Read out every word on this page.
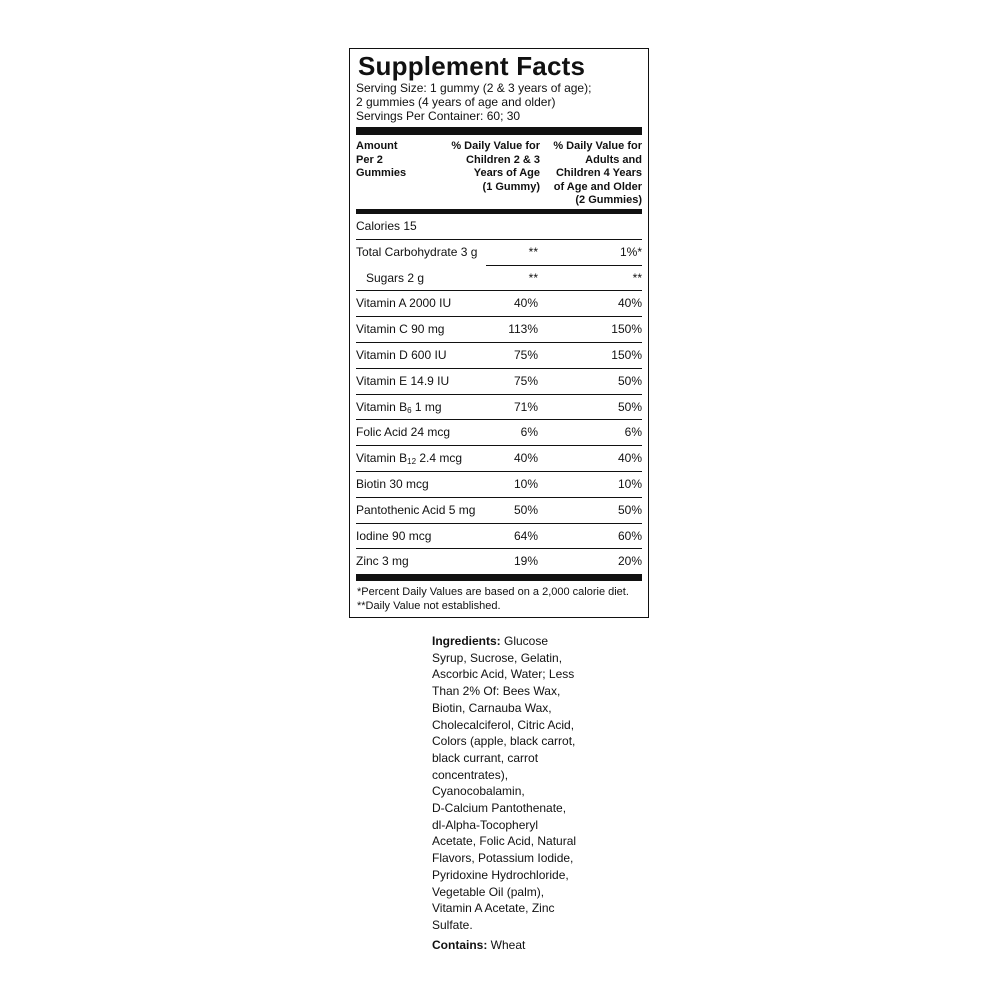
Supplement Facts
Serving Size: 1 gummy (2 & 3 years of age);
2 gummies (4 years of age and older)
Servings Per Container: 60; 30
Amount
Per 2
Gummies
% Daily Value for
Children 2 & 3
Years of Age
(1 Gummy)
% Daily Value for
Adults and
Children 4 Years
of Age and Older
(2 Gummies)
Calories 15
Total Carbohydrate 3 g	**	1%*
Sugars 2 g	**	**
Vitamin A 2000 IU	40%	40%
Vitamin C 90 mg	113%	150%
Vitamin D 600 IU	75%	150%
Vitamin E 14.9 IU	75%	50%
Vitamin $B_6$ 1 mg	71%	50%
Folic Acid 24 mcg	6%	6%
Vitamin $B_{12}$ 2.4 mcg	40%	40%
Biotin 30 mcg	10%	10%
Pantothenic Acid 5 mg	50%	50%
Iodine 90 mcg	64%	60%
Zinc 3 mg	19%	20%
*Percent Daily Values are based on a 2,000 calorie diet.
**Daily Value not established.
Ingredients: Glucose
Syrup, Sucrose, Gelatin,
Ascorbic Acid, Water; Less
Than 2% Of: Bees Wax,
Biotin, Carnauba Wax,
Cholecalciferol, Citric Acid,
Colors (apple, black carrot,
black currant, carrot
concentrates),
Cyanocobalamin,
D-Calcium Pantothenate,
dl-Alpha-Tocopheryl
Acetate, Folic Acid, Natural
Flavors, Potassium Iodide,
Pyridoxine Hydrochloride,
Vegetable Oil (palm),
Vitamin A Acetate, Zinc
Sulfate.
Contains: Wheat
